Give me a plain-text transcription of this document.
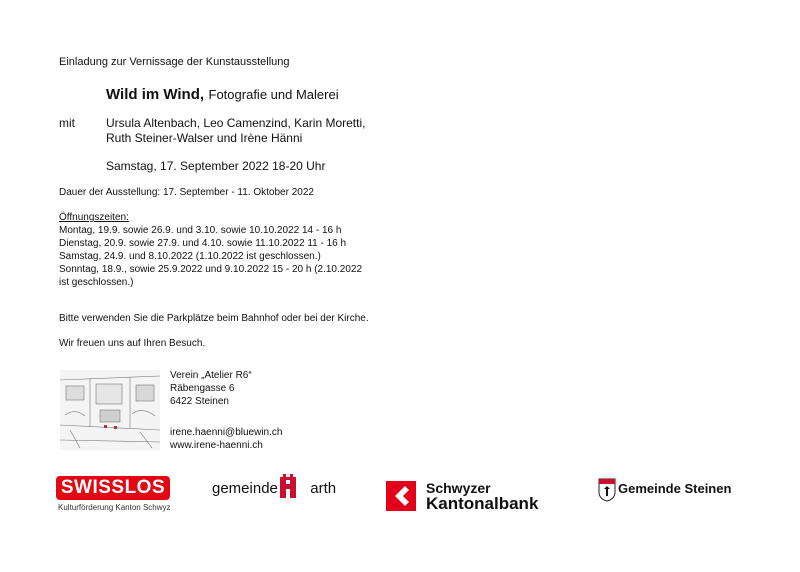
Einladung zur Vernissage der Kunstausstellung
Wild im Wind, Fotografie und Malerei
mit	Ursula Altenbach, Leo Camenzind, Karin Moretti,
Ruth Steiner-Walser und Irène Hänni
Samstag, 17. September 2022 18-20 Uhr
Dauer der Ausstellung: 17. September - 11. Oktober 2022
Öffnungszeiten:
Montag, 19.9. sowie 26.9. und 3.10. sowie 10.10.2022 14 - 16 h
Dienstag, 20.9. sowie 27.9. und 4.10. sowie 11.10.2022 11 - 16 h
Samstag, 24.9. und 8.10.2022 (1.10.2022 ist geschlossen.)
Sonntag, 18.9., sowie 25.9.2022 und 9.10.2022 15 - 20 h (2.10.2022
ist geschlossen.)
Bitte verwenden Sie die Parkplätze beim Bahnhof oder bei der Kirche.
Wir freuen uns auf Ihren Besuch.
Verein „Atelier R6“
Räbengasse 6
6422 Steinen
irene.haenni@bluewin.ch
www.irene-haenni.ch
SWISSLOS
Kulturförderung Kanton Schwyz
gemeinde arth	Schwyzer
Kantonalbank
Gemeinde Steinen
